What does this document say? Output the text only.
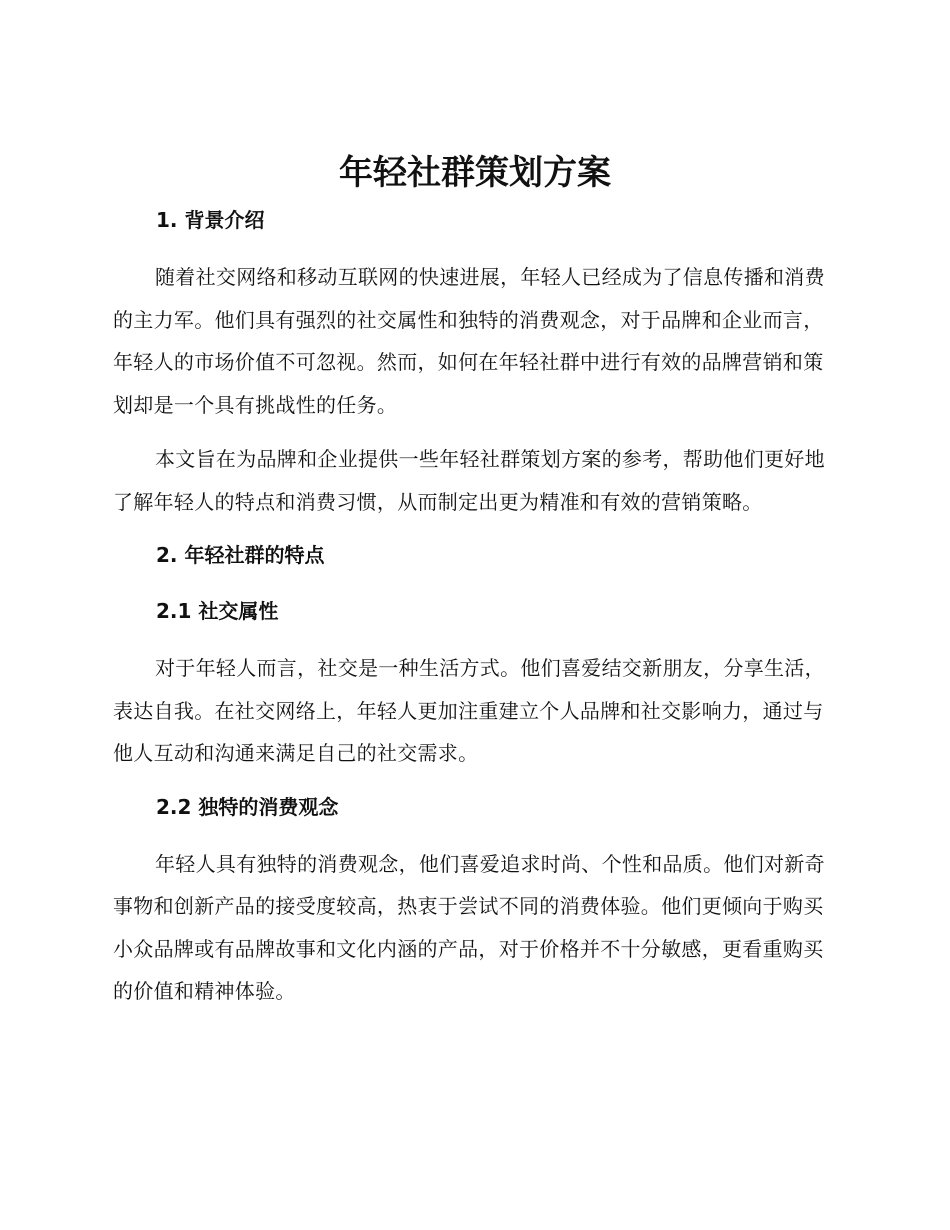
年轻社群策划方案
1. 背景介绍

随着社交网络和移动互联网的快速进展，年轻人已经成为了信息传播和消费的主力军。他们具有强烈的社交属性和独特的消费观念，对于品牌和企业而言，年轻人的市场价值不可忽视。然而，如何在年轻社群中进行有效的品牌营销和策划却是一个具有挑战性的任务。

本文旨在为品牌和企业提供一些年轻社群策划方案的参考，帮助他们更好地了解年轻人的特点和消费习惯，从而制定出更为精准和有效的营销策略。

2. 年轻社群的特点
2.1 社交属性

对于年轻人而言，社交是一种生活方式。他们喜爱结交新朋友，分享生活，表达自我。在社交网络上，年轻人更加注重建立个人品牌和社交影响力，通过与他人互动和沟通来满足自己的社交需求。

2.2 独特的消费观念

年轻人具有独特的消费观念，他们喜爱追求时尚、个性和品质。他们对新奇事物和创新产品的接受度较高，热衷于尝试不同的消费体验。他们更倾向于购买小众品牌或有品牌故事和文化内涵的产品，对于价格并不十分敏感，更看重购买的价值和精神体验。
